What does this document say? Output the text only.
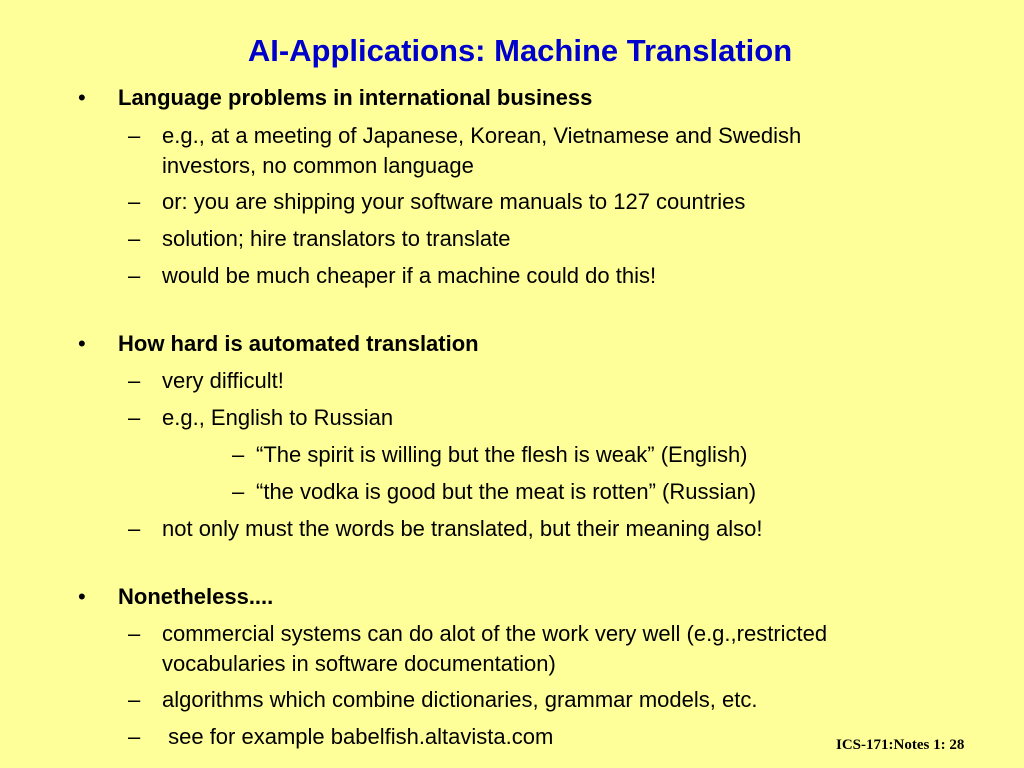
AI-Applications: Machine Translation
• Language problems in international business
– e.g., at a meeting of Japanese, Korean, Vietnamese and Swedish
investors, no common language
– or: you are shipping your software manuals to 127 countries
– solution; hire translators to translate
– would be much cheaper if a machine could do this!
• How hard is automated translation
– very difficult!
– e.g., English to Russian
– “The spirit is willing but the flesh is weak” (English)
– “the vodka is good but the meat is rotten” (Russian)
– not only must the words be translated, but their meaning also!
• Nonetheless....
– commercial systems can do alot of the work very well (e.g.,restricted
vocabularies in software documentation)
– algorithms which combine dictionaries, grammar models, etc.
– see for example babelfish.altavista.com	ICS-171:Notes 1: 28
